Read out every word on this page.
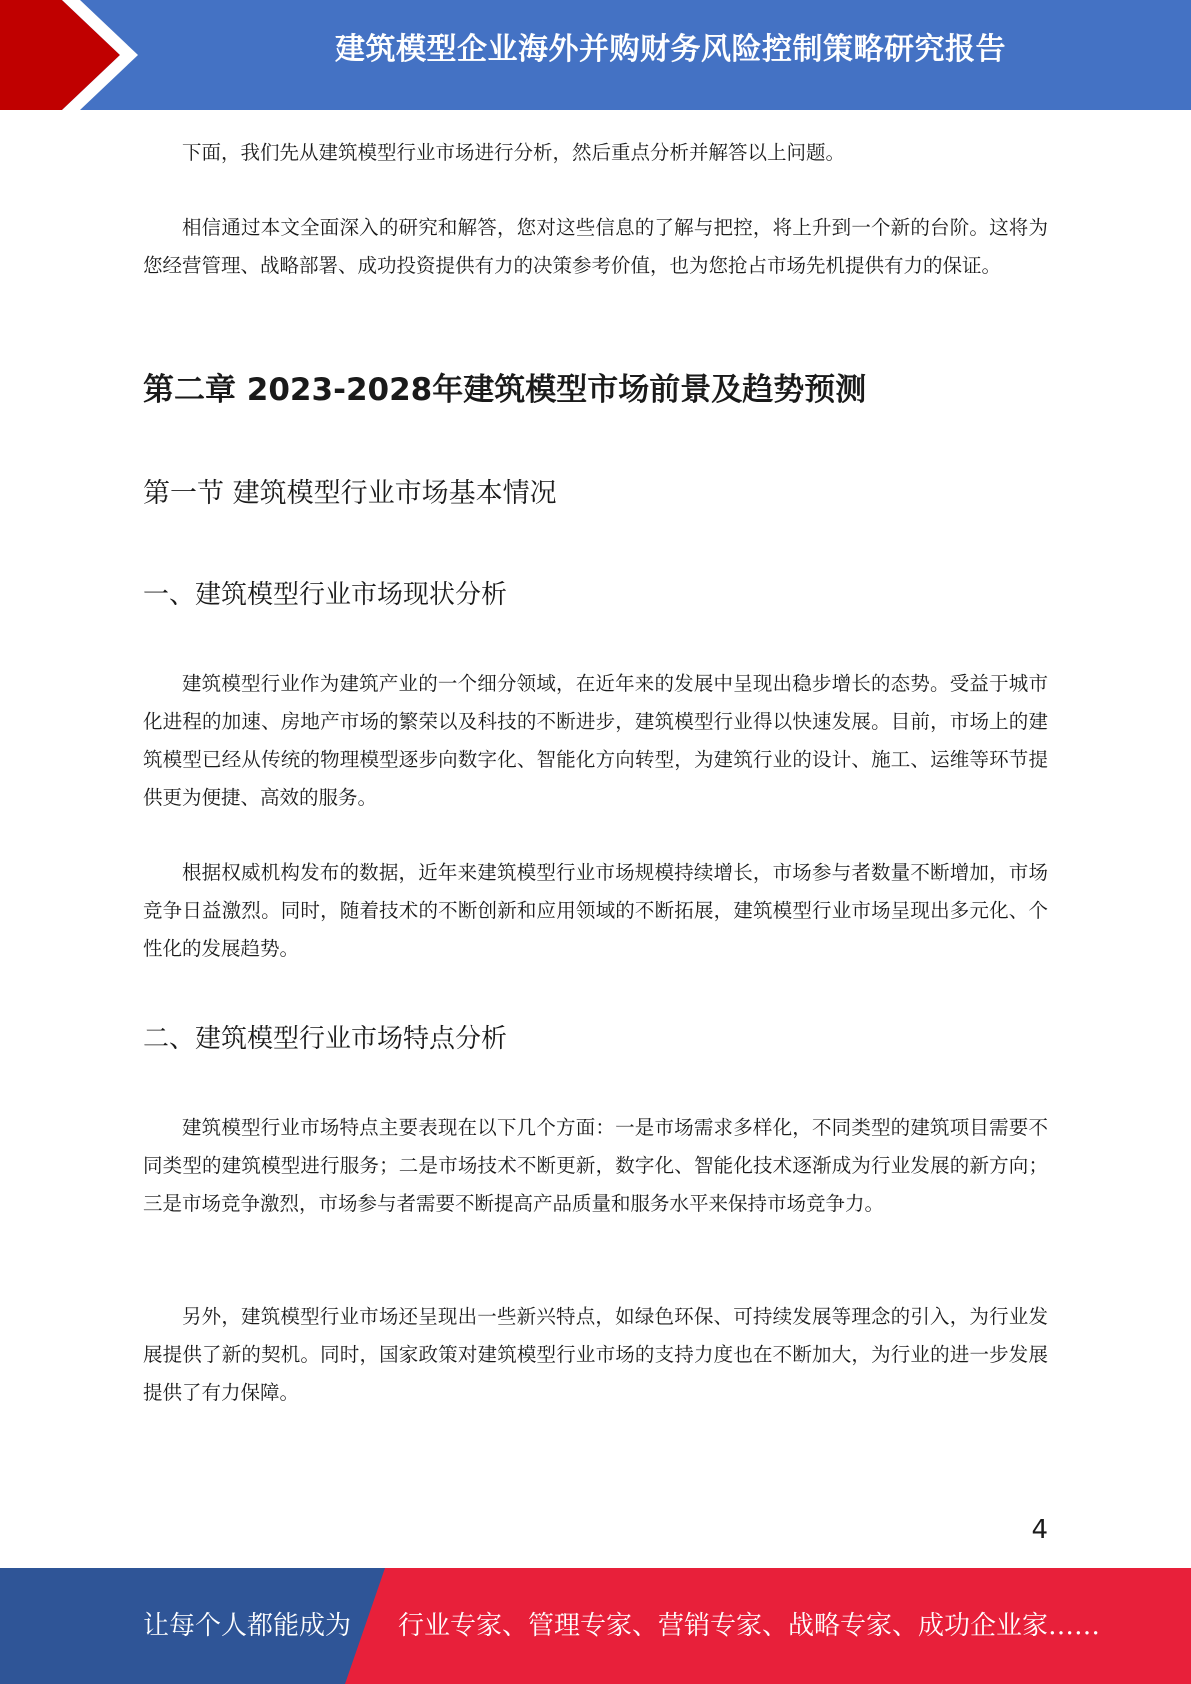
建筑模型企业海外并购财务风险控制策略研究报告

下面，我们先从建筑模型行业市场进行分析，然后重点分析并解答以上问题。

相信通过本文全面深入的研究和解答，您对这些信息的了解与把控，将上升到一个新的台阶。这将为您经营管理、战略部署、成功投资提供有力的决策参考价值，也为您抢占市场先机提供有力的保证。

第二章 2023-2028年建筑模型市场前景及趋势预测
第一节 建筑模型行业市场基本情况
一、建筑模型行业市场现状分析

建筑模型行业作为建筑产业的一个细分领域，在近年来的发展中呈现出稳步增长的态势。受益于城市化进程的加速、房地产市场的繁荣以及科技的不断进步，建筑模型行业得以快速发展。目前，市场上的建筑模型已经从传统的物理模型逐步向数字化、智能化方向转型，为建筑行业的设计、施工、运维等环节提供更为便捷、高效的服务。

根据权威机构发布的数据，近年来建筑模型行业市场规模持续增长，市场参与者数量不断增加，市场竞争日益激烈。同时，随着技术的不断创新和应用领域的不断拓展，建筑模型行业市场呈现出多元化、个性化的发展趋势。

二、建筑模型行业市场特点分析

建筑模型行业市场特点主要表现在以下几个方面：一是市场需求多样化，不同类型的建筑项目需要不同类型的建筑模型进行服务；二是市场技术不断更新，数字化、智能化技术逐渐成为行业发展的新方向；三是市场竞争激烈，市场参与者需要不断提高产品质量和服务水平来保持市场竞争力。

另外，建筑模型行业市场还呈现出一些新兴特点，如绿色环保、可持续发展等理念的引入，为行业发展提供了新的契机。同时，国家政策对建筑模型行业市场的支持力度也在不断加大，为行业的进一步发展提供了有力保障。

4
让每个人都能成为 行业专家、管理专家、营销专家、战略专家、成功企业家……
